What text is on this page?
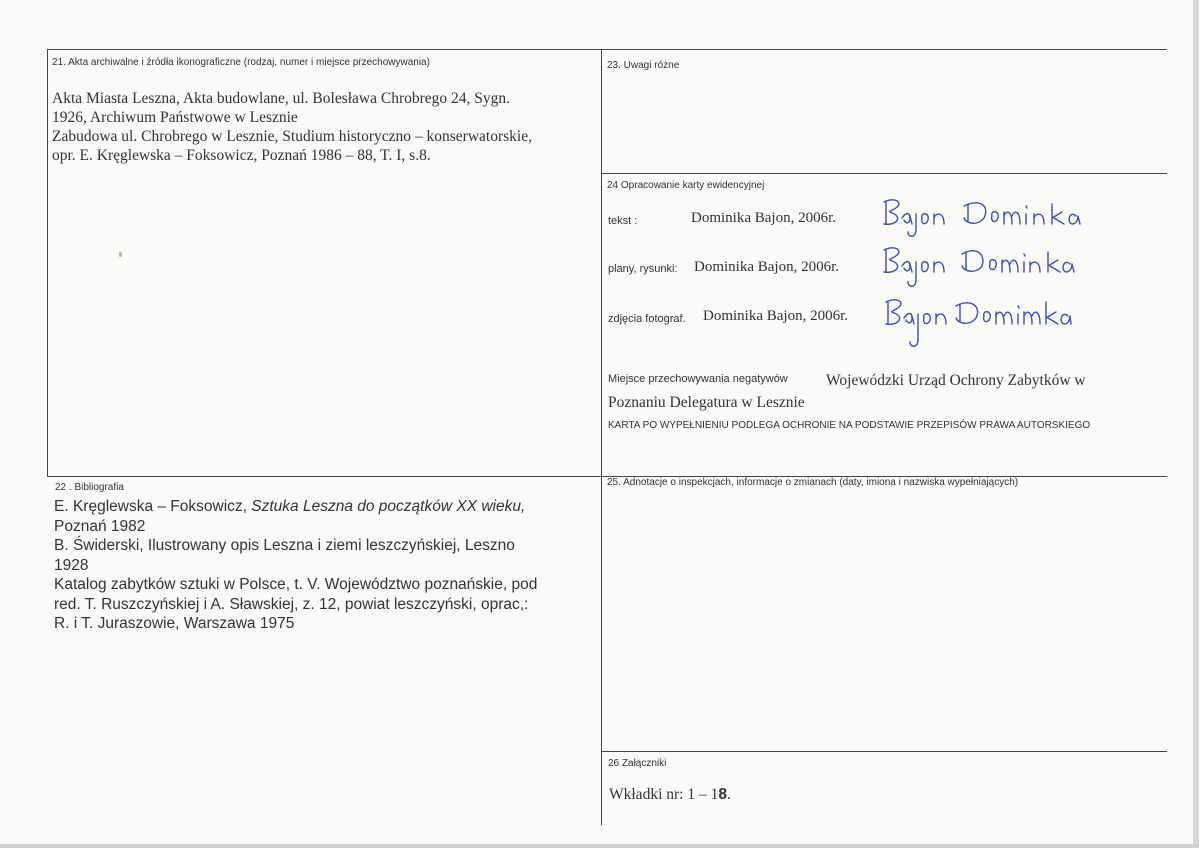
21. Akta archiwalne i źródła ikonograficzne (rodzaj, numer i miejsce przechowywania)
Akta Miasta Leszna, Akta budowlane, ul. Bolesława Chrobrego 24, Sygn.
1926, Archiwum Państwowe w Lesznie
Zabudowa ul. Chrobrego w Lesznie, Studium historyczno – konserwatorskie,
opr. E. Kręglewska – Foksowicz, Poznań 1986 – 88, T. I, s.8.
23. Uwagi różne
24 Opracowanie karty ewidencyjnej
tekst :	Dominika Bajon, 2006r.
plany, rysunki: Dominika Bajon, 2006r.
zdjęcia fotograf. Dominika Bajon, 2006r.
Miejsce przechowywania negatywów	Wojewódzki Urząd Ochrony Zabytków w
Poznaniu Delegatura w Lesznie
KARTA PO WYPEŁNIENIU PODLEGA OCHRONIE NA PODSTAWIE PRZEPISÓW PRAWA AUTORSKIEGO
22 . Bibliografia
E. Kręglewska – Foksowicz, Sztuka Leszna do początków XX wieku,
Poznań 1982
B. Świderski, Ilustrowany opis Leszna i ziemi leszczyńskiej, Leszno
1928
Katalog zabytków sztuki w Polsce, t. V. Województwo poznańskie, pod
red. T. Ruszczyńskiej i A. Sławskiej, z. 12, powiat leszczyński, oprac,:
R. i T. Juraszowie, Warszawa 1975
25. Adnotacje o inspekcjach, informacje o zmianach (daty, imiona i nazwiska wypełniających)
26 Załączniki
Wkładki nr: 1 – 18.
